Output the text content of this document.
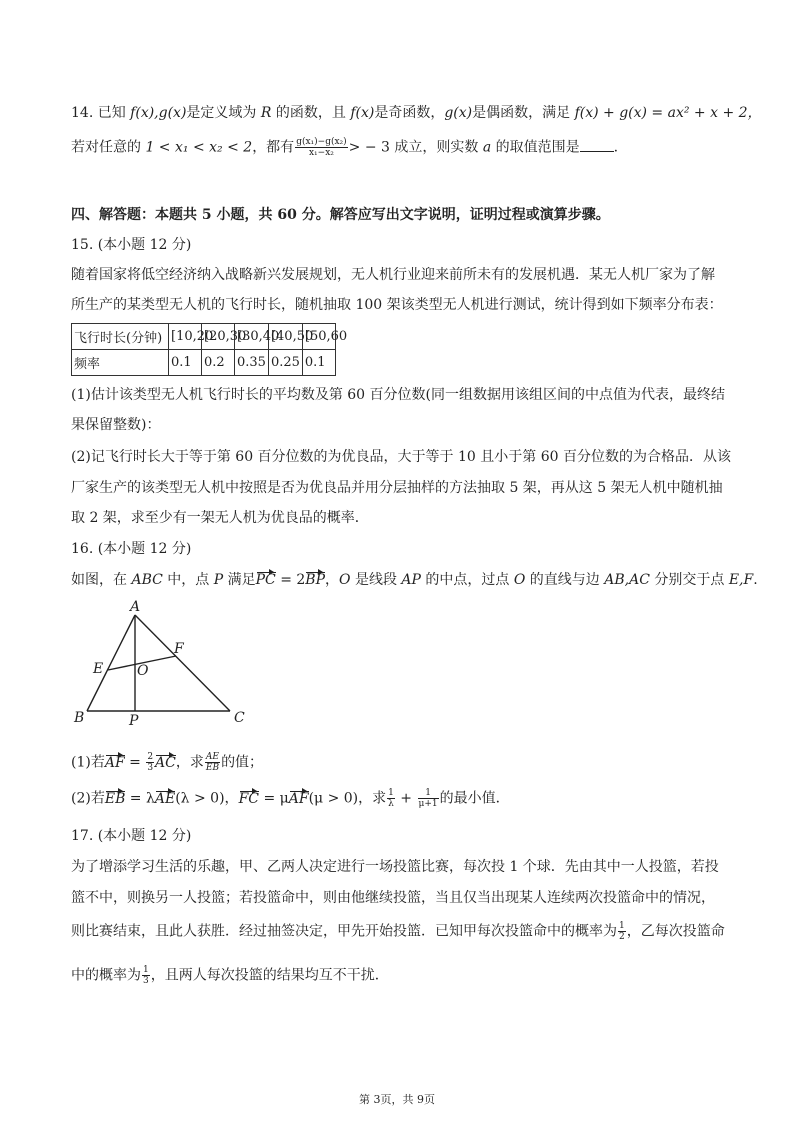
14. 已知 f(x),g(x)是定义域为 R 的函数，且 f(x)是奇函数，g(x)是偶函数，满足 f(x) + g(x) = ax² + x + 2，
若对任意的 1 < x₁ < x₂ < 2，都有 $\frac{\text{g(x₁)−g(x₂)}}{\text{x₁−x₂}}$ > − 3 成立，则实数 a 的取值范围是 .
四、解答题：本题共 5 小题，共 60 分。解答应写出文字说明，证明过程或演算步骤。
15. (本小题 12 分)
随着国家将低空经济纳入战略新兴发展规划，无人机行业迎来前所未有的发展机遇．某无人机厂家为了解
所生产的某类型无人机的飞行时长，随机抽取 100 架该类型无人机进行测试，统计得到如下频率分布表：
飞行时长(分钟)	[10,20	[20,30	[30,40	[40,50	[50,60
频率	0.1	0.2	0.35	0.25	0.1
(1)估计该类型无人机飞行时长的平均数及第 60 百分位数(同一组数据用该组区间的中点值为代表，最终结
果保留整数)：
(2)记飞行时长大于等于第 60 百分位数的为优良品，大于等于 10 且小于第 60 百分位数的为合格品．从该
厂家生产的该类型无人机中按照是否为优良品并用分层抽样的方法抽取 5 架，再从这 5 架无人机中随机抽
取 2 架，求至少有一架无人机为优良品的概率．
16. (本小题 12 分)
如图，在 ABC 中，点 P 满足PC = 2BP，O 是线段 AP 的中点，过点 O 的直线与边 AB,AC 分别交于点 E,F.
A
B	C
E
F
O
P
(1)若AF = $\frac{2}{3}$ AC，求 $\frac{AE}{EB}$ 的值；
(2)若EB = λAE(λ > 0)，FC = μAF(μ > 0)，求 $\frac{1}{\lambda} + \frac{1}{\mu+1}$ 的最小值．
17. (本小题 12 分)
为了增添学习生活的乐趣，甲、乙两人决定进行一场投篮比赛，每次投 1 个球．先由其中一人投篮，若投
篮不中，则换另一人投篮；若投篮命中，则由他继续投篮，当且仅当出现某人连续两次投篮命中的情况，
则比赛结束，且此人获胜．经过抽签决定，甲先开始投篮．已知甲每次投篮命中的概率为 $\frac{1}{2}$ ，乙每次投篮命
中的概率为 $\frac{1}{3}$ ，且两人每次投篮的结果均互不干扰．
第 3页，共 9页
